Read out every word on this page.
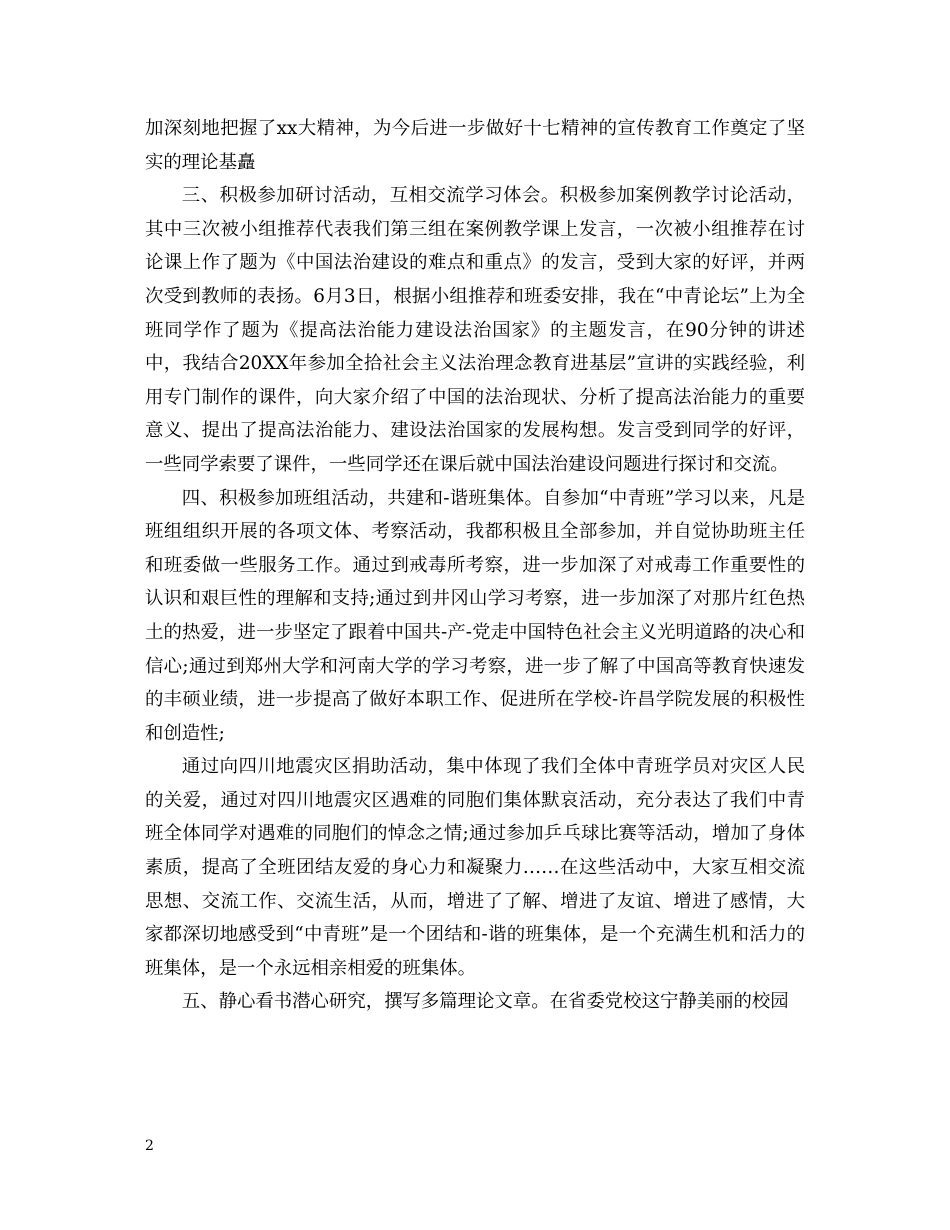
加深刻地把握了xx大精神，为今后进一步做好十七精神的宣传教育工作奠定了坚实的理论基矗

三、积极参加研讨活动，互相交流学习体会。积极参加案例教学讨论活动，其中三次被小组推荐代表我们第三组在案例教学课上发言，一次被小组推荐在讨论课上作了题为《中国法治建设的难点和重点》的发言，受到大家的好评，并两次受到教师的表扬。6月3日，根据小组推荐和班委安排，我在“中青论坛”上为全班同学作了题为《提高法治能力建设法治国家》的主题发言，在90分钟的讲述中，我结合20XX年参加全拾社会主义法治理念教育进基层”宣讲的实践经验，利用专门制作的课件，向大家介绍了中国的法治现状、分析了提高法治能力的重要意义、提出了提高法治能力、建设法治国家的发展构想。发言受到同学的好评，一些同学索要了课件，一些同学还在课后就中国法治建设问题进行探讨和交流。

四、积极参加班组活动，共建和-谐班集体。自参加“中青班”学习以来，凡是班组组织开展的各项文体、考察活动，我都积极且全部参加，并自觉协助班主任和班委做一些服务工作。通过到戒毒所考察，进一步加深了对戒毒工作重要性的认识和艰巨性的理解和支持;通过到井冈山学习考察，进一步加深了对那片红色热土的热爱，进一步坚定了跟着中国共-产-党走中国特色社会主义光明道路的决心和信心;通过到郑州大学和河南大学的学习考察，进一步了解了中国高等教育快速发的丰硕业绩，进一步提高了做好本职工作、促进所在学校-许昌学院发展的积极性和创造性;

通过向四川地震灾区捐助活动，集中体现了我们全体中青班学员对灾区人民的关爱，通过对四川地震灾区遇难的同胞们集体默哀活动，充分表达了我们中青班全体同学对遇难的同胞们的悼念之情;通过参加乒乓球比赛等活动，增加了身体素质，提高了全班团结友爱的身心力和凝聚力……在这些活动中，大家互相交流思想、交流工作、交流生活，从而，增进了了解、增进了友谊、增进了感情，大家都深切地感受到“中青班”是一个团结和-谐的班集体，是一个充满生机和活力的班集体，是一个永远相亲相爱的班集体。

五、静心看书潜心研究，撰写多篇理论文章。在省委党校这宁静美丽的校园

2
